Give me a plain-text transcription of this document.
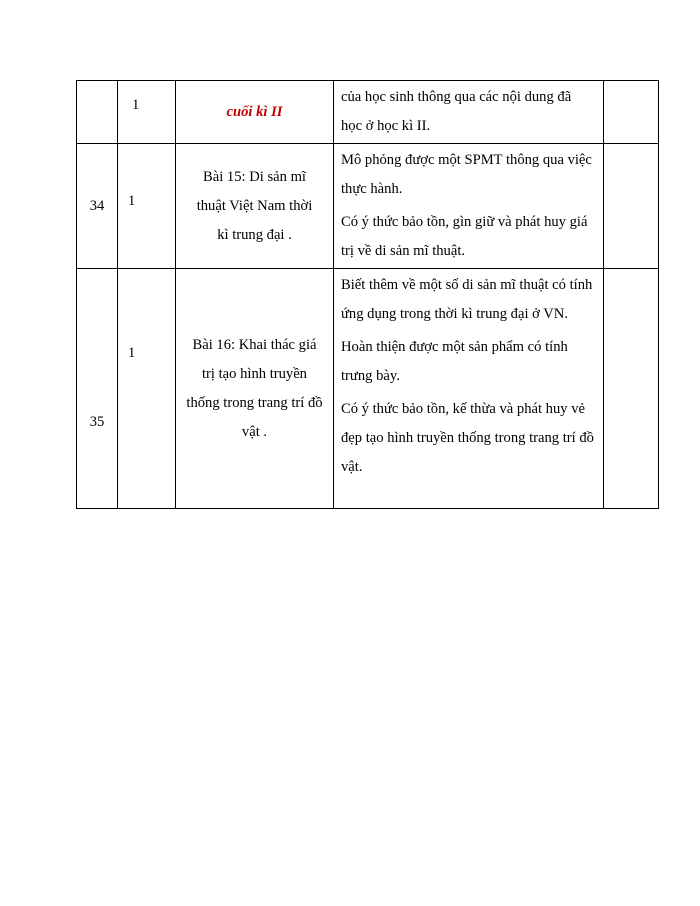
	1	cuối kì II	của học sinh thông qua các nội dung đã học ở học kì II.	

34	1	Bài 15: Di sản mĩ thuật Việt Nam thời kì trung đại .	Mô phỏng được một SPMT thông qua việc thực hành.

Có ý thức bảo tồn, gìn giữ và phát huy giá trị về di sản mĩ thuật.	

35	1	Bài 16: Khai thác giá trị tạo hình truyền thống trong trang trí đồ vật .	Biết thêm về một số di sản mĩ thuật có tính ứng dụng trong thời kì trung đại ở VN.

Hoàn thiện được một sản phẩm có tính trưng bày.

Có ý thức bảo tồn, kế thừa và phát huy vẻ đẹp tạo hình truyền thống trong trang trí đồ vật.	
